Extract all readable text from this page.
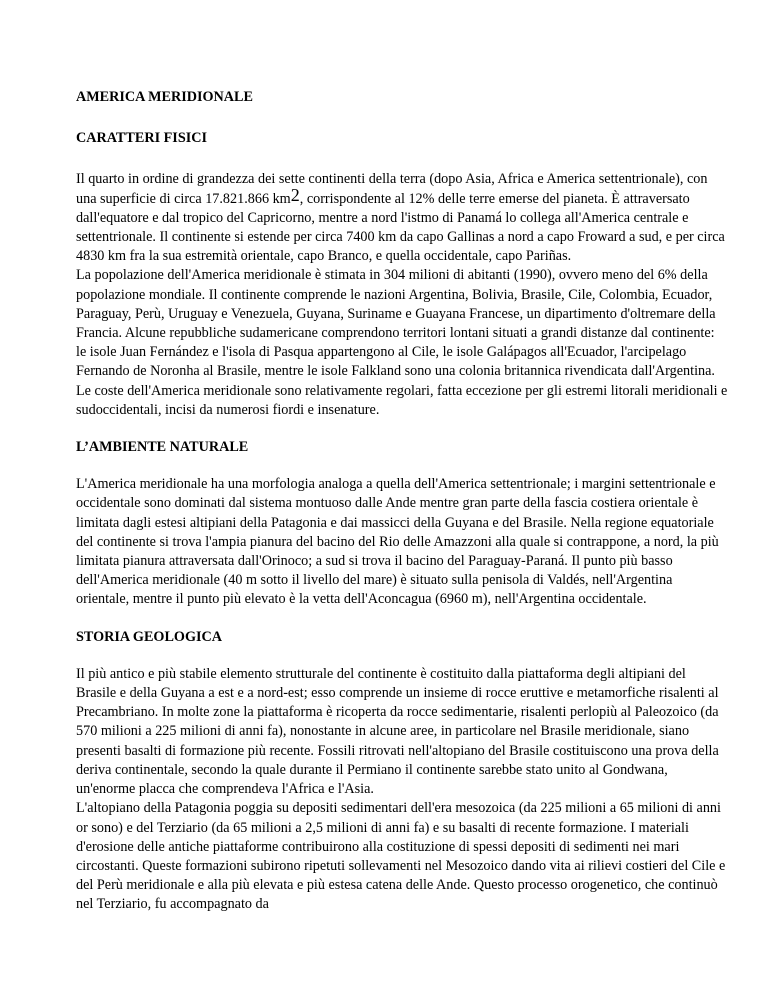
AMERICA MERIDIONALE
CARATTERI FISICI

Il quarto in ordine di grandezza dei sette continenti della terra (dopo Asia, Africa e America settentrionale), con una superficie di circa 17.821.866 km2, corrispondente al 12% delle terre emerse del pianeta. È attraversato dall'equatore e dal tropico del Capricorno, mentre a nord l'istmo di Panamá lo collega all'America centrale e settentrionale. Il continente si estende per circa 7400 km da capo Gallinas a nord a capo Froward a sud, e per circa 4830 km fra la sua estremità orientale, capo Branco, e quella occidentale, capo Pariñas.

La popolazione dell'America meridionale è stimata in 304 milioni di abitanti (1990), ovvero meno del 6% della popolazione mondiale. Il continente comprende le nazioni Argentina, Bolivia, Brasile, Cile, Colombia, Ecuador, Paraguay, Perù, Uruguay e Venezuela, Guyana, Suriname e Guayana Francese, un dipartimento d'oltremare della Francia. Alcune repubbliche sudamericane comprendono territori lontani situati a grandi distanze dal continente: le isole Juan Fernández e l'isola di Pasqua appartengono al Cile, le isole Galápagos all'Ecuador, l'arcipelago Fernando de Noronha al Brasile, mentre le isole Falkland sono una colonia britannica rivendicata dall'Argentina. Le coste dell'America meridionale sono relativamente regolari, fatta eccezione per gli estremi litorali meridionali e sudoccidentali, incisi da numerosi fiordi e insenature.

L’AMBIENTE NATURALE

L'America meridionale ha una morfologia analoga a quella dell'America settentrionale; i margini settentrionale e occidentale sono dominati dal sistema montuoso dalle Ande mentre gran parte della fascia costiera orientale è limitata dagli estesi altipiani della Patagonia e dai massicci della Guyana e del Brasile. Nella regione equatoriale del continente si trova l'ampia pianura del bacino del Rio delle Amazzoni alla quale si contrappone, a nord, la più limitata pianura attraversata dall'Orinoco; a sud si trova il bacino del Paraguay-Paraná. Il punto più basso dell'America meridionale (40 m sotto il livello del mare) è situato sulla penisola di Valdés, nell'Argentina orientale, mentre il punto più elevato è la vetta dell'Aconcagua (6960 m), nell'Argentina occidentale.

STORIA GEOLOGICA

Il più antico e più stabile elemento strutturale del continente è costituito dalla piattaforma degli altipiani del Brasile e della Guyana a est e a nord-est; esso comprende un insieme di rocce eruttive e metamorfiche risalenti al Precambriano. In molte zone la piattaforma è ricoperta da rocce sedimentarie, risalenti perlopiù al Paleozoico (da 570 milioni a 225 milioni di anni fa), nonostante in alcune aree, in particolare nel Brasile meridionale, siano presenti basalti di formazione più recente. Fossili ritrovati nell'altopiano del Brasile costituiscono una prova della deriva continentale, secondo la quale durante il Permiano il continente sarebbe stato unito al Gondwana, un'enorme placca che comprendeva l'Africa e l'Asia.

L'altopiano della Patagonia poggia su depositi sedimentari dell'era mesozoica (da 225 milioni a 65 milioni di anni or sono) e del Terziario (da 65 milioni a 2,5 milioni di anni fa) e su basalti di recente formazione. I materiali d'erosione delle antiche piattaforme contribuirono alla costituzione di spessi depositi di sedimenti nei mari circostanti. Queste formazioni subirono ripetuti sollevamenti nel Mesozoico dando vita ai rilievi costieri del Cile e del Perù meridionale e alla più elevata e più estesa catena delle Ande. Questo processo orogenetico, che continuò nel Terziario, fu accompagnato da
